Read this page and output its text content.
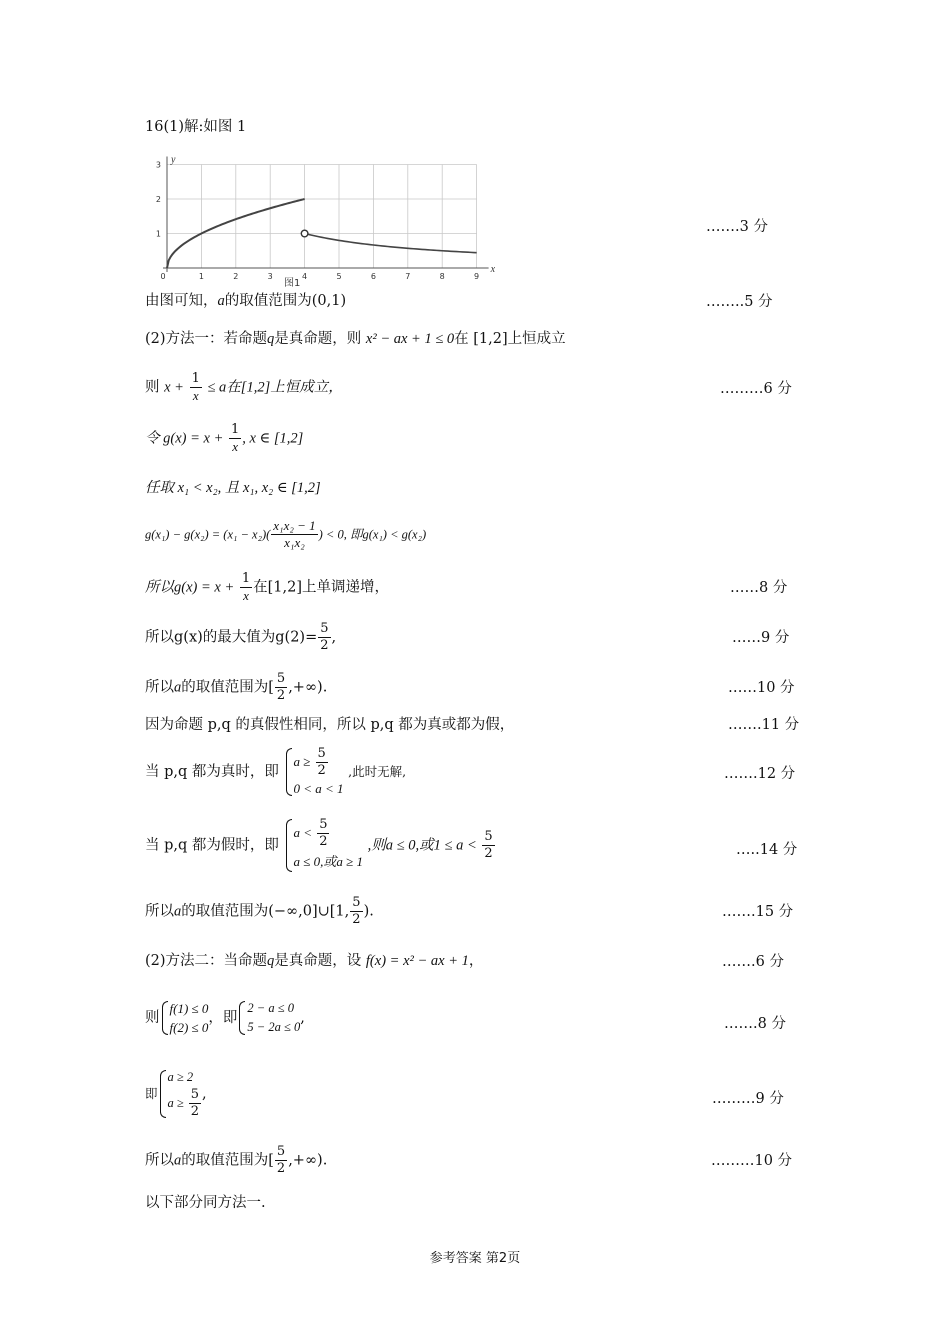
16(1)解:如图 1
0	1	2	3	4	5	6	7	8	9
1
2
3 y
x
图1
由图可知，a的取值范围为(0,1)
(2)方法一：若命题q是真命题，则 x² − ax + 1 ≤ 0在 [1,2]上恒成立
则 $x + \frac{1}{x} \le a$在[1,2]上恒成立，
令 $g(x) = x + \frac{1}{x}$ , x ∈ [1,2]
任取 x₁ < x₂, 且 x₁, x₂ ∈ [1,2]
$g(x_1) - g(x_2) = (x_1 - x_2)( \frac{\text{x₁x₂ − 1}}{\text{x₁x₂}}$ ) < 0, 即g(x₁) < g(x₂)
所以$g(x) = x + \frac{1}{x}$ 在[1,2]上单调递增，	……8 分
所以g(x)的最大值为$g(2)= \frac{5}{2}$ ,	……9 分
所以a的取值范围为[ $\frac{5}{2}$ ,+∞).	……10 分
因为命题 p,q 的真假性相同，所以 p,q 都为真或都为假，	…….11 分
当 p,q 都为真时，即
$a \ge \frac{5}{2}$
0 < a < 1
,此时无解,	…….12 分
当 p,q 都为假时，即
$a < \frac{5}{2}$
a ≤ 0,或a ≥ 1
,则a ≤ 0,或$1 \le a < \frac{5}{2}$	…..14 分
所以a的取值范围为(−∞,0]∪[1, $\frac{5}{2}$ ).	…….15 分
(2)方法二：当命题q是真命题，设 f(x) = x² − ax + 1，	…….6 分
则
f(1) ≤ 0
f(2) ≤ 0
，即
2 − a ≤ 0
5 − 2a ≤ 0
,	…….8 分
即
a ≥ 2
$a \ge \frac{5}{2}$ ,	………9 分
所以a的取值范围为[ $\frac{5}{2}$ ,+∞).	………10 分
以下部分同方法一.
…….3 分
……..5 分
………6 分
参考答案 第2页
